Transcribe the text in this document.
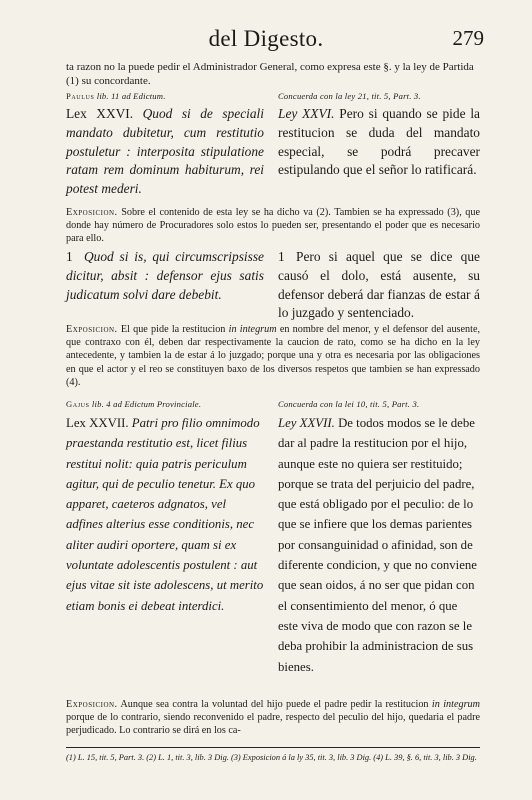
del Digesto.	279
ta razon no la puede pedir el Administrador General, como expresa este §. y la ley de Partida (1) su concordante.
Paulus lib. 11 ad Edictum.	Concuerda con la ley 21, tit. 5, Part. 3.
Lex XXVI. Quod si de speciali mandato dubitetur, cum restitutio postuletur : interposita stipulatione ratam rem dominum habiturum, rei potest mederi.
Ley XXVI. Pero si quando se pide la restitucion se duda del mandato especial, se podrá precaver estipulando que el señor lo ratificará.
Exposicion. Sobre el contenido de esta ley se ha dicho va (2). Tambien se ha expressado (3), que donde hay número de Procuradores solo estos lo pueden ser, presentando el poder que es necesario para ello.
1 Quod si is, qui circumscripsisse dicitur, absit : defensor ejus satis judicatum solvi dare debebit.
1 Pero si aquel que se dice que causó el dolo, está ausente, su defensor deberá dar fianzas de estar á lo juzgado y sentenciado.
Exposicion. El que pide la restitucion in integrum en nombre del menor, y el defensor del ausente, que contraxo con él, deben dar respectivamente la caucion de rato, como se ha dicho en la ley antecedente, y tambien la de estar á lo juzgado; porque una y otra es necesaria por las obligaciones en que el actor y el reo se constituyen baxo de los diversos respetos que tambien se han expressado (4).
Gajus lib. 4 ad Edictum Provinciale.	Concuerda con la lei 10, tit. 5, Part. 3.
Lex XXVII. Patri pro filio omnimodo praestanda restitutio est, licet filius restitui nolit: quia patris periculum agitur, qui de peculio tenetur. Ex quo apparet, caeteros adgnatos, vel adfines alterius esse conditionis, nec aliter audiri oportere, quam si ex voluntate adolescentis postulent : aut ejus vitae sit iste adolescens, ut merito etiam bonis ei debeat interdici.
Ley XXVII. De todos modos se le debe dar al padre la restitucion por el hijo, aunque este no quiera ser restituido; porque se trata del perjuicio del padre, que está obligado por el peculio: de lo que se infiere que los demas parientes por consanguinidad o afinidad, son de diferente condicion, y que no conviene que sean oidos, á no ser que pidan con el consentimiento del menor, ó que este viva de modo que con razon se le deba prohibir la administracion de sus bienes.
Exposicion. Aunque sea contra la voluntad del hijo puede el padre pedir la restitucion in integrum porque de lo contrario, siendo reconvenido el padre, respecto del peculio del hijo, quedaria el padre perjudicado. Lo contrario se dirá en los ca-
(1) L. 15, tit. 5, Part. 3. (2) L. 1, tit. 3, lib. 3 Dig. (3) Exposicion á la ly 35, tit. 3, lib. 3 Dig. (4) L. 39, §. 6, tit. 3, lib. 3 Dig.
